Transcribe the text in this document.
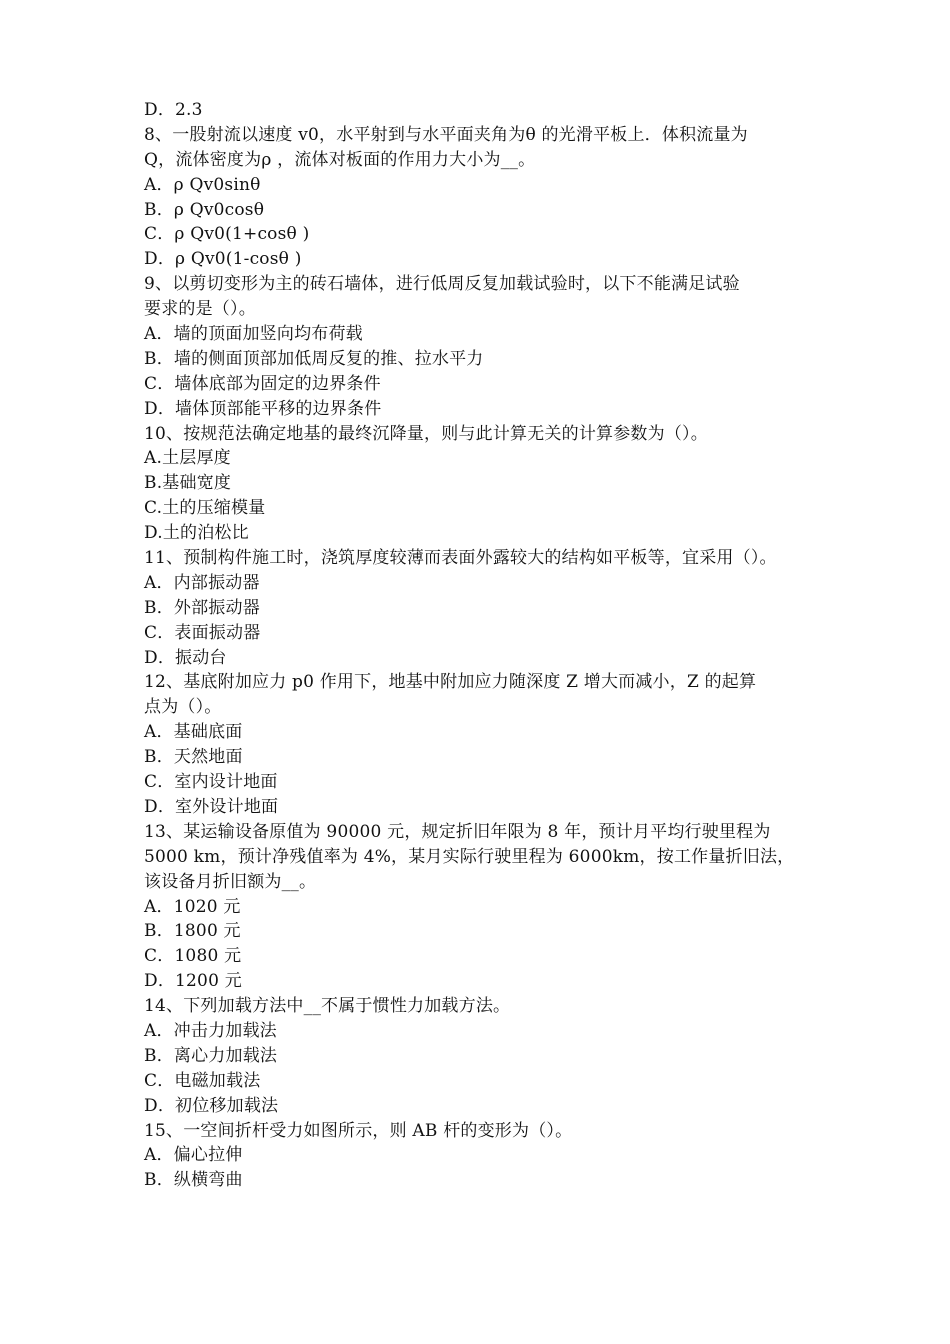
D．2.3
8、一股射流以速度 v0，水平射到与水平面夹角为θ 的光滑平板上．体积流量为
Q，流体密度为ρ ，流体对板面的作用力大小为__。
A．ρ Qv0sinθ
B．ρ Qv0cosθ
C．ρ Qv0(1+cosθ )
D．ρ Qv0(1-cosθ )
9、以剪切变形为主的砖石墙体，进行低周反复加载试验时，以下不能满足试验
要求的是（）。
A．墙的顶面加竖向均布荷载
B．墙的侧面顶部加低周反复的推、拉水平力
C．墙体底部为固定的边界条件
D．墙体顶部能平移的边界条件
10、按规范法确定地基的最终沉降量，则与此计算无关的计算参数为（）。
A.土层厚度
B.基础宽度
C.土的压缩模量
D.土的泊松比
11、预制构件施工时，浇筑厚度较薄而表面外露较大的结构如平板等，宜采用（）。
A．内部振动器
B．外部振动器
C．表面振动器
D．振动台
12、基底附加应力 p0 作用下，地基中附加应力随深度 Z 增大而减小，Z 的起算
点为（）。
A．基础底面
B．天然地面
C．室内设计地面
D．室外设计地面
13、某运输设备原值为 90000 元，规定折旧年限为 8 年，预计月平均行驶里程为
5000 km，预计净残值率为 4%，某月实际行驶里程为 6000km，按工作量折旧法，
该设备月折旧额为__。
A．1020 元
B．1800 元
C．1080 元
D．1200 元
14、下列加载方法中__不属于惯性力加载方法。
A．冲击力加载法
B．离心力加载法
C．电磁加载法
D．初位移加载法
15、一空间折杆受力如图所示，则 AB 杆的变形为（）。
A．偏心拉伸
B．纵横弯曲
